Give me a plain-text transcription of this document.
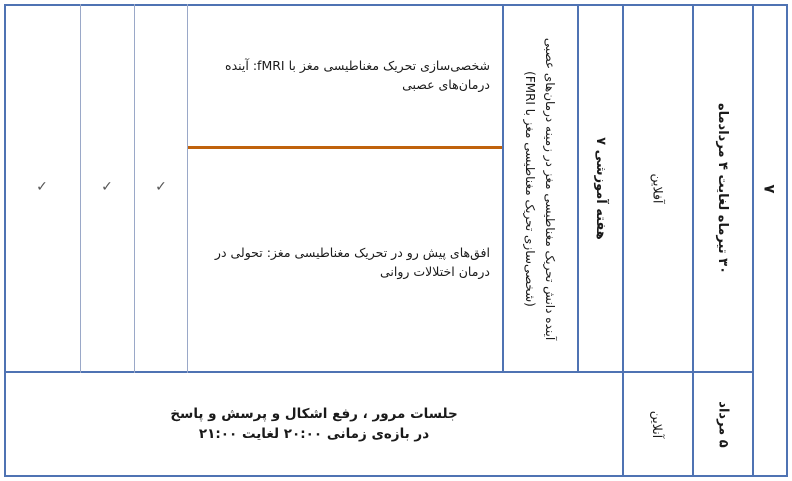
۷
۳۰ تیرماه لغایت ۴ مردادماه
آفلاین
هفته آموزشی ۷
آینده دانش تحریک مغناطیسی مغز در زمینه درمان‌های عصبی
(شخصی‌سازی تحریک مغناطیسی مغز با FMRI)
شخصی‌سازی تحریک مغناطیسی مغز با fMRI: آینده درمان‌های عصبی
افق‌های پیش رو در تحریک مغناطیسی مغز: تحولی در درمان اختلالات روانی
✓
✓
✓
۵ مرداد
آنلاین
جلسات مرور ، رفع اشکال و پرسش و پاسخ
در بازه‌ی زمانی ۲۰:۰۰ لغایت ۲۱:۰۰
